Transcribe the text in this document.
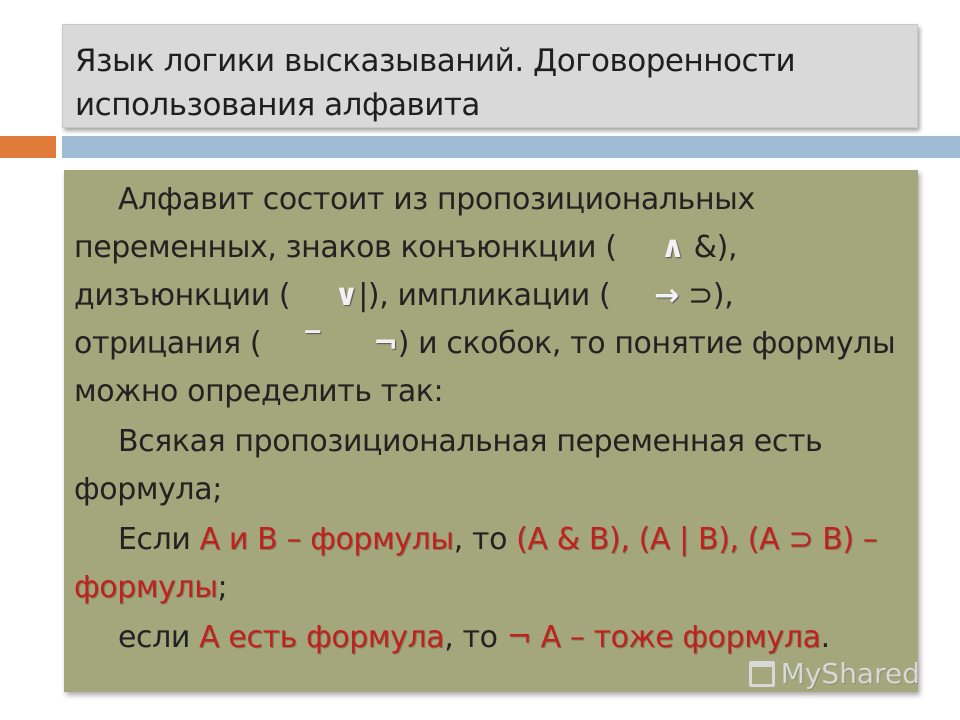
Язык логики высказываний. Договоренности
использования алфавита

Алфавит состоит из пропозициональных переменных, знаков конъюнкции ( ∧ &), дизъюнкции ( ∨|), импликации ( → ⊃), отрицания ( ‾ ¬) и скобок, то понятие формулы можно определить так:

Всякая пропозициональная переменная есть формула;

Если А и В – формулы, то (А & В), (А | В), (А ⊃ В) – формулы;

если А есть формула, то ¬ А – тоже формула.

MyShared
